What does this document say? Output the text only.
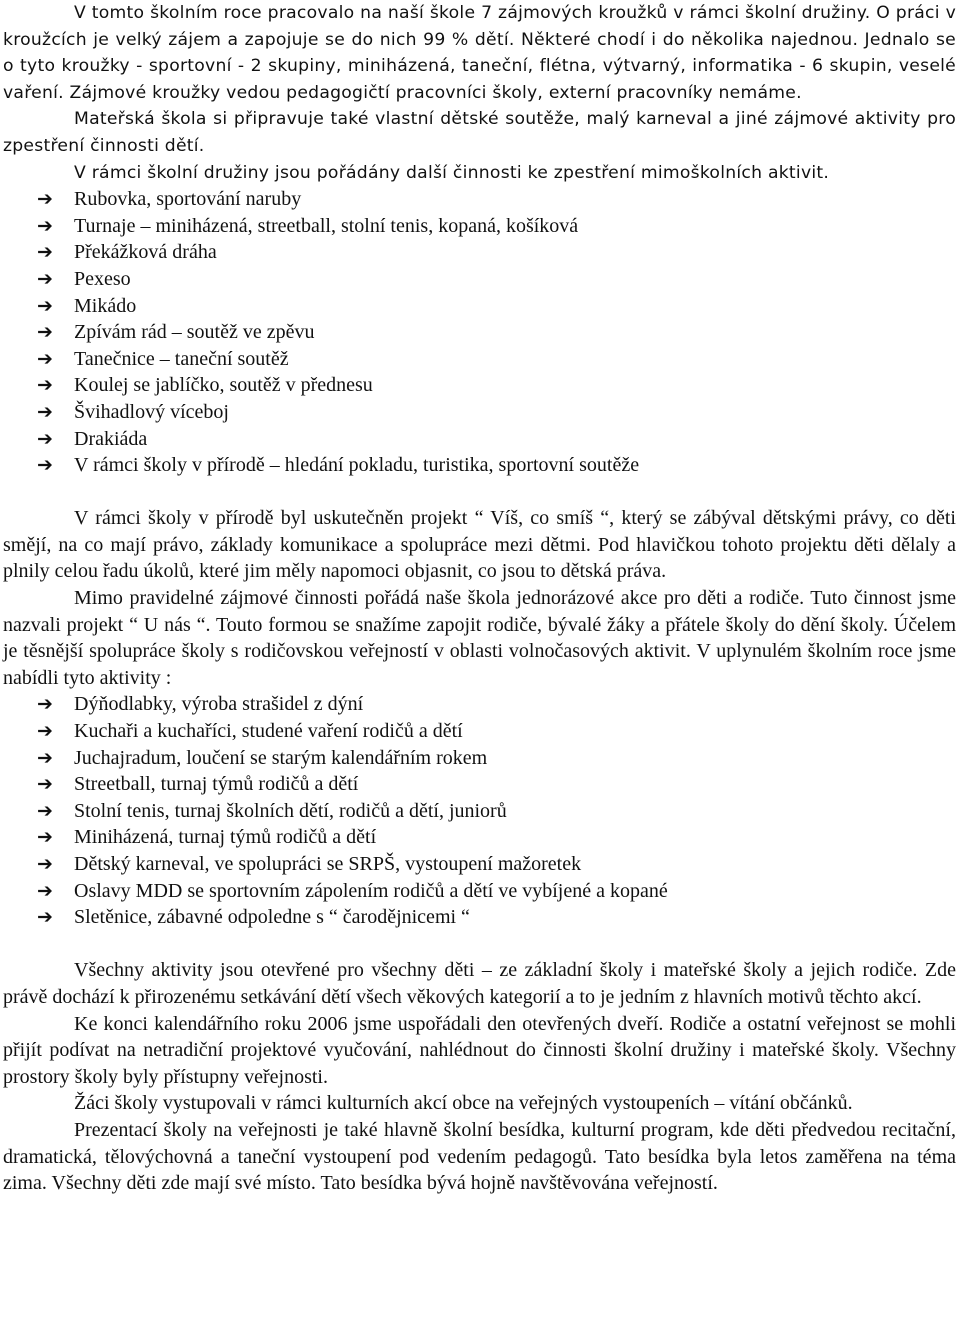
V tomto školním roce pracovalo na naší škole 7 zájmových kroužků v rámci školní družiny. O práci v kroužcích je velký zájem a zapojuje se do nich 99 % dětí. Některé chodí i do několika najednou. Jednalo se o tyto kroužky - sportovní - 2 skupiny, miniházená, taneční, flétna, výtvarný, informatika - 6 skupin, veselé vaření. Zájmové kroužky vedou pedagogičtí pracovníci školy, externí pracovníky nemáme.

Mateřská škola si připravuje také vlastní dětské soutěže, malý karneval a jiné zájmové aktivity pro zpestření činnosti dětí.

V rámci školní družiny jsou pořádány další činnosti ke zpestření mimoškolních aktivit.

➔	Rubovka, sportování naruby
➔	Turnaje – miniházená, streetball, stolní tenis, kopaná, košíková
➔	Překážková dráha
➔	Pexeso
➔	Mikádo
➔	Zpívám rád – soutěž ve zpěvu
➔	Tanečnice – taneční soutěž
➔	Koulej se jablíčko, soutěž v přednesu
➔	Švihadlový víceboj
➔	Drakiáda
➔	V rámci školy v přírodě – hledání pokladu, turistika, sportovní soutěže

V rámci školy v přírodě byl uskutečněn projekt “ Víš, co smíš “, který se zábýval dětskými právy, co děti smějí, na co mají právo, základy komunikace a spolupráce mezi dětmi. Pod hlavičkou tohoto projektu děti dělaly a plnily celou řadu úkolů, které jim měly napomoci objasnit, co jsou to dětská práva.

Mimo pravidelné zájmové činnosti pořádá naše škola jednorázové akce pro děti a rodiče. Tuto činnost jsme nazvali projekt “ U nás “. Touto formou se snažíme zapojit rodiče, bývalé žáky a přátele školy do dění školy. Účelem je těsnější spolupráce školy s rodičovskou veřejností v oblasti volnočasových aktivit. V uplynulém školním roce jsme nabídli tyto aktivity :

➔	Dýňodlabky, výroba strašidel z dýní
➔	Kuchaři a kuchaříci, studené vaření rodičů a dětí
➔	Juchajradum, loučení se starým kalendářním rokem
➔	Streetball, turnaj týmů rodičů a dětí
➔	Stolní tenis, turnaj školních dětí, rodičů a dětí, juniorů
➔	Miniházená, turnaj týmů rodičů a dětí
➔	Dětský karneval, ve spolupráci se SRPŠ, vystoupení mažoretek
➔	Oslavy MDD se sportovním zápolením rodičů a dětí ve vybíjené a kopané
➔	Sletěnice, zábavné odpoledne s “ čarodějnicemi “

Všechny aktivity jsou otevřené pro všechny děti – ze základní školy i mateřské školy a jejich rodiče. Zde právě dochází k přirozenému setkávání dětí všech věkových kategorií a to je jedním z hlavních motivů těchto akcí.

Ke konci kalendářního roku 2006 jsme uspořádali den otevřených dveří. Rodiče a ostatní veřejnost se mohli přijít podívat na netradiční projektové vyučování, nahlédnout do činnosti školní družiny i mateřské školy. Všechny prostory školy byly přístupny veřejnosti.

Žáci školy vystupovali v rámci kulturních akcí obce na veřejných vystoupeních – vítání občánků.

Prezentací školy na veřejnosti je také hlavně školní besídka, kulturní program, kde děti předvedou recitační, dramatická, tělovýchovná a taneční vystoupení pod vedením pedagogů. Tato besídka byla letos zaměřena na téma zima. Všechny děti zde mají své místo. Tato besídka bývá hojně navštěvována veřejností.
